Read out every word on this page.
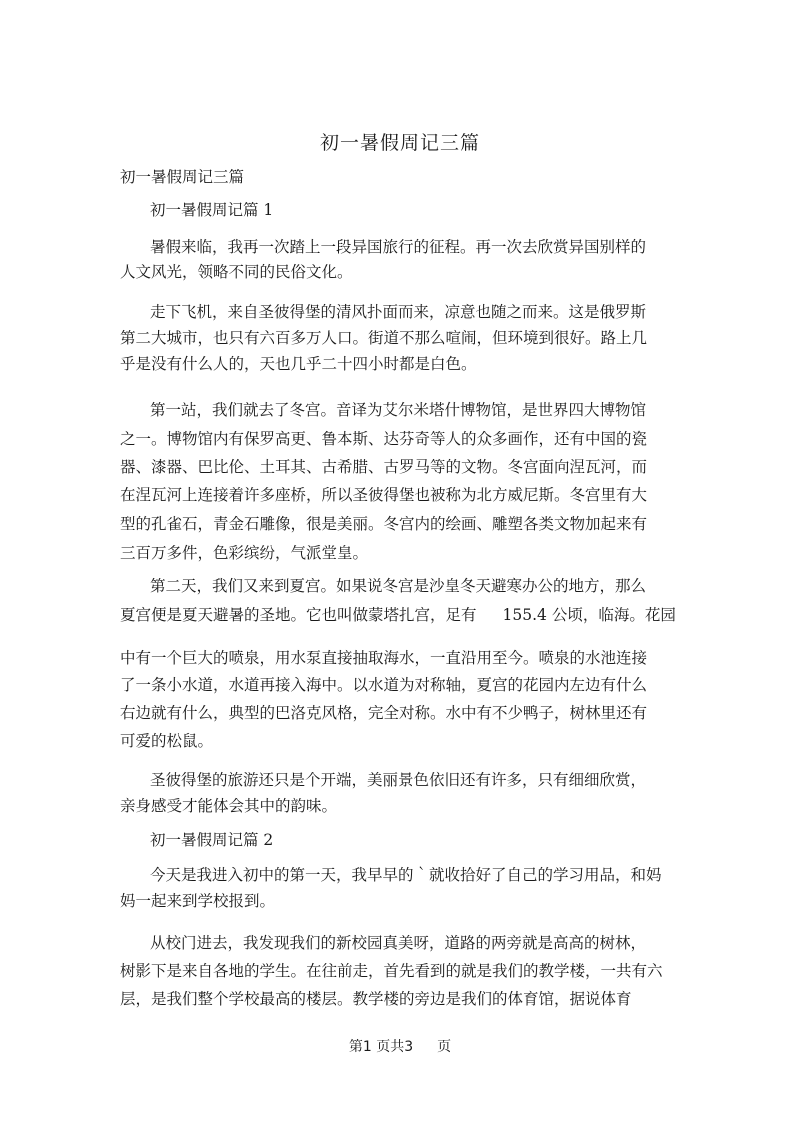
初一暑假周记三篇
初一暑假周记三篇
初一暑假周记篇 1
暑假来临，我再一次踏上一段异国旅行的征程。再一次去欣赏异国别样的
人文风光，领略不同的民俗文化。
走下飞机，来自圣彼得堡的清风扑面而来，凉意也随之而来。这是俄罗斯
第二大城市，也只有六百多万人口。街道不那么喧闹，但环境到很好。路上几
乎是没有什么人的，天也几乎二十四小时都是白色。
第一站，我们就去了冬宫。音译为艾尔米塔什博物馆，是世界四大博物馆
之一。博物馆内有保罗高更、鲁本斯、达芬奇等人的众多画作，还有中国的瓷
器、漆器、巴比伦、土耳其、古希腊、古罗马等的文物。冬宫面向涅瓦河，而
在涅瓦河上连接着许多座桥，所以圣彼得堡也被称为北方威尼斯。冬宫里有大
型的孔雀石，青金石雕像，很是美丽。冬宫内的绘画、雕塑各类文物加起来有
三百万多件，色彩缤纷，气派堂皇。
第二天，我们又来到夏宫。如果说冬宫是沙皇冬天避寒办公的地方，那么
夏宫便是夏天避暑的圣地。它也叫做蒙塔扎宫，足有 155.4 公顷，临海。花园
中有一个巨大的喷泉，用水泵直接抽取海水，一直沿用至今。喷泉的水池连接
了一条小水道，水道再接入海中。以水道为对称轴，夏宫的花园内左边有什么
右边就有什么，典型的巴洛克风格，完全对称。水中有不少鸭子，树林里还有
可爱的松鼠。
圣彼得堡的旅游还只是个开端，美丽景色依旧还有许多，只有细细欣赏，
亲身感受才能体会其中的韵味。
初一暑假周记篇 2
今天是我进入初中的第一天，我早早的｀就收拾好了自己的学习用品，和妈
妈一起来到学校报到。
从校门进去，我发现我们的新校园真美呀，道路的两旁就是高高的树林，
树影下是来自各地的学生。在往前走，首先看到的就是我们的教学楼，一共有六
层，是我们整个学校最高的楼层。教学楼的旁边是我们的体育馆，据说体育
第1 页共3 页
